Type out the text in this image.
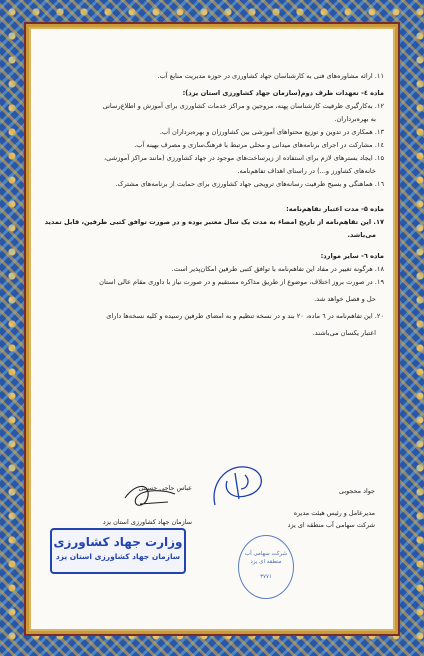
۱۱. ارائه مشاوره‌های فنی به کارشناسان جهاد کشاورزی در حوزه مدیریت منابع آب.
ماده ٤- تعهدات طرف دوم(سازمان جهاد کشاورزی استان یزد):
۱۲. به‌کارگیری ظرفیت کارشناسان پهنه، مروجین و مراکز خدمات کشاورزی برای آموزش و اطلاع‌رسانی
به بهره‌برداران.
۱۳. همکاری در تدوین و توزیع محتواهای آموزشی بین کشاورزان و بهره‌برداران آب.
۱٤. مشارکت در اجرای برنامه‌های میدانی و محلی مرتبط با فرهنگ‌سازی و مصرف بهینه آب.
۱۵. ایجاد بسترهای لازم برای استفاده از زیرساخت‌های موجود در جهاد کشاورزی (مانند مراکز آموزشی،
خانه‌های کشاورز و...) در راستای اهداف تفاهم‌نامه.
۱٦. هماهنگی و بسیج ظرفیت رسانه‌های ترویجی جهاد کشاورزی برای حمایت از برنامه‌های مشترک.
ماده ۵- مدت اعتبار تفاهم‌نامه:
۱۷. این تفاهم‌نامه از تاریخ امضاء به مدت یک سال معتبر بوده و در صورت توافق کتبی طرفین، قابل تمدید
می‌باشد.
ماده ٦- سایر موارد:
۱۸. هرگونه تغییر در مفاد این تفاهم‌نامه با توافق کتبی طرفین امکان‌پذیر است.
۱۹. در صورت بروز اختلاف، موضوع از طریق مذاکره مستقیم و در صورت نیاز با داوری مقام عالی استان
حل و فصل خواهد شد.
۲۰. این تفاهم‌نامه در ٦ ماده، ۲۰ بند و در نسخه تنظیم و به امضای طرفین رسیده و کلیه نسخه‌ها دارای
اعتبار یکسان می‌باشند.
جواد محجوبی
مدیرعامل و رئیس هیئت مدیره
شرکت سهامی آب منطقه ای یزد
عباس حاجی حسینی
سازمان جهاد کشاورزی استان یزد
وزارت جهاد کشاورزی
سازمان جهاد کشاورزی استان یزد	شرکت سهامی آب منطقه ای یزد
۳۷۷۱
